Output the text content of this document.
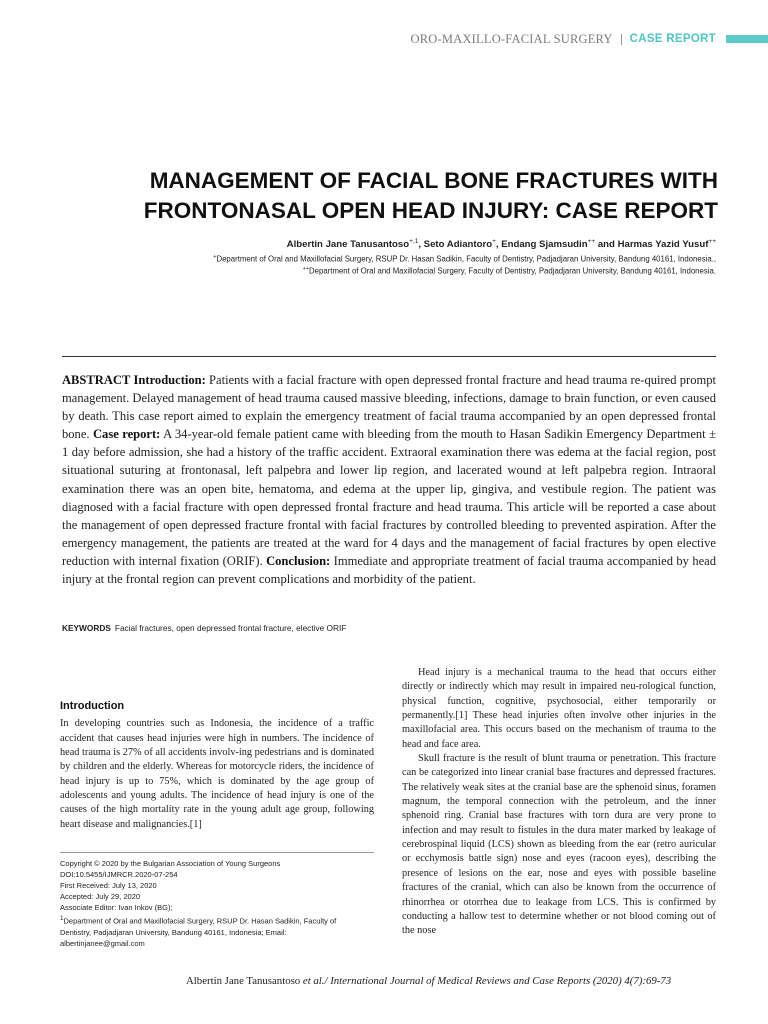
ORO-MAXILLO-FACIAL SURGERY CASE REPORT
MANAGEMENT OF FACIAL BONE FRACTURES WITH
FRONTONASAL OPEN HEAD INJURY: CASE REPORT
Albertin Jane Tanusantoso$^{+,1}$, Seto Adiantoro+, Endang Sjamsudin++ and Harmas Yazid Yusuf++
+Department of Oral and Maxillofacial Surgery, RSUP Dr. Hasan Sadikin, Faculty of Dentistry, Padjadjaran University, Bandung 40161, Indonesia.,
++Department of Oral and Maxillofacial Surgery, Faculty of Dentistry, Padjadjaran University, Bandung 40161, Indonesia.
ABSTRACT Introduction: Patients with a facial fracture with open depressed frontal fracture and head trauma re-quired prompt management. Delayed management of head trauma caused massive bleeding, infections, damage to brain function, or even caused by death. This case report aimed to explain the emergency treatment of facial trauma accompanied by an open depressed frontal bone. Case report: A 34-year-old female patient came with bleeding from the mouth to Hasan Sadikin Emergency Department ± 1 day before admission, she had a history of the traffic accident. Extraoral examination there was edema at the facial region, post situational suturing at frontonasal, left palpebra and lower lip region, and lacerated wound at left palpebra region. Intraoral examination there was an open bite, hematoma, and edema at the upper lip, gingiva, and vestibule region. The patient was diagnosed with a facial fracture with open depressed frontal fracture and head trauma. This article will be reported a case about the management of open depressed fracture frontal with facial fractures by controlled bleeding to prevented aspiration. After the emergency management, the patients are treated at the ward for 4 days and the management of facial fractures by open elective reduction with internal fixation (ORIF). Conclusion: Immediate and appropriate treatment of facial trauma accompanied by head injury at the frontal region can prevent complications and morbidity of the patient.
KEYWORDS Facial fractures, open depressed frontal fracture, elective ORIF
Introduction

In developing countries such as Indonesia, the incidence of a traffic accident that causes head injuries were high in numbers. The incidence of head trauma is 27% of all accidents involv-ing pedestrians and is dominated by children and the elderly. Whereas for motorcycle riders, the incidence of head injury is up to 75%, which is dominated by the age group of adolescents and young adults. The incidence of head injury is one of the causes of the high mortality rate in the young adult age group, following heart disease and malignancies.[1]

Copyright © 2020 by the Bulgarian Association of Young Surgeons
DOI:10.5455/IJMRCR.2020-07-254
First Received: July 13, 2020
Accepted: July 29, 2020
Associate Editor: Ivan Inkov (BG);
$^1$Department of Oral and Maxillofacial Surgery, RSUP Dr. Hasan Sadikin, Faculty of
Dentistry, Padjadjaran University, Bandung 40161, Indonesia; Email:
albertinjanee@gmail.com

Head injury is a mechanical trauma to the head that occurs either directly or indirectly which may result in impaired neu-rological function, physical function, cognitive, psychosocial, either temporarily or permanently.[1] These head injuries often involve other injuries in the maxillofacial area. This occurs based on the mechanism of trauma to the head and face area.

Skull fracture is the result of blunt trauma or penetration. This fracture can be categorized into linear cranial base fractures and depressed fractures. The relatively weak sites at the cranial base are the sphenoid sinus, foramen magnum, the temporal connection with the petroleum, and the inner sphenoid ring. Cranial base fractures with torn dura are very prone to infection and may result to fistules in the dura mater marked by leakage of cerebrospinal liquid (LCS) shown as bleeding from the ear (retro auricular or ecchymosis battle sign) nose and eyes (racoon eyes), describing the presence of lesions on the ear, nose and eyes with possible baseline fractures of the cranial, which can also be known from the occurrence of rhinorrhea or otorrhea due to leakage from LCS. This is confirmed by conducting a hallow test to determine whether or not blood coming out of the nose

Albertin Jane Tanusantoso et al./ International Journal of Medical Reviews and Case Reports (2020) 4(7):69-73
